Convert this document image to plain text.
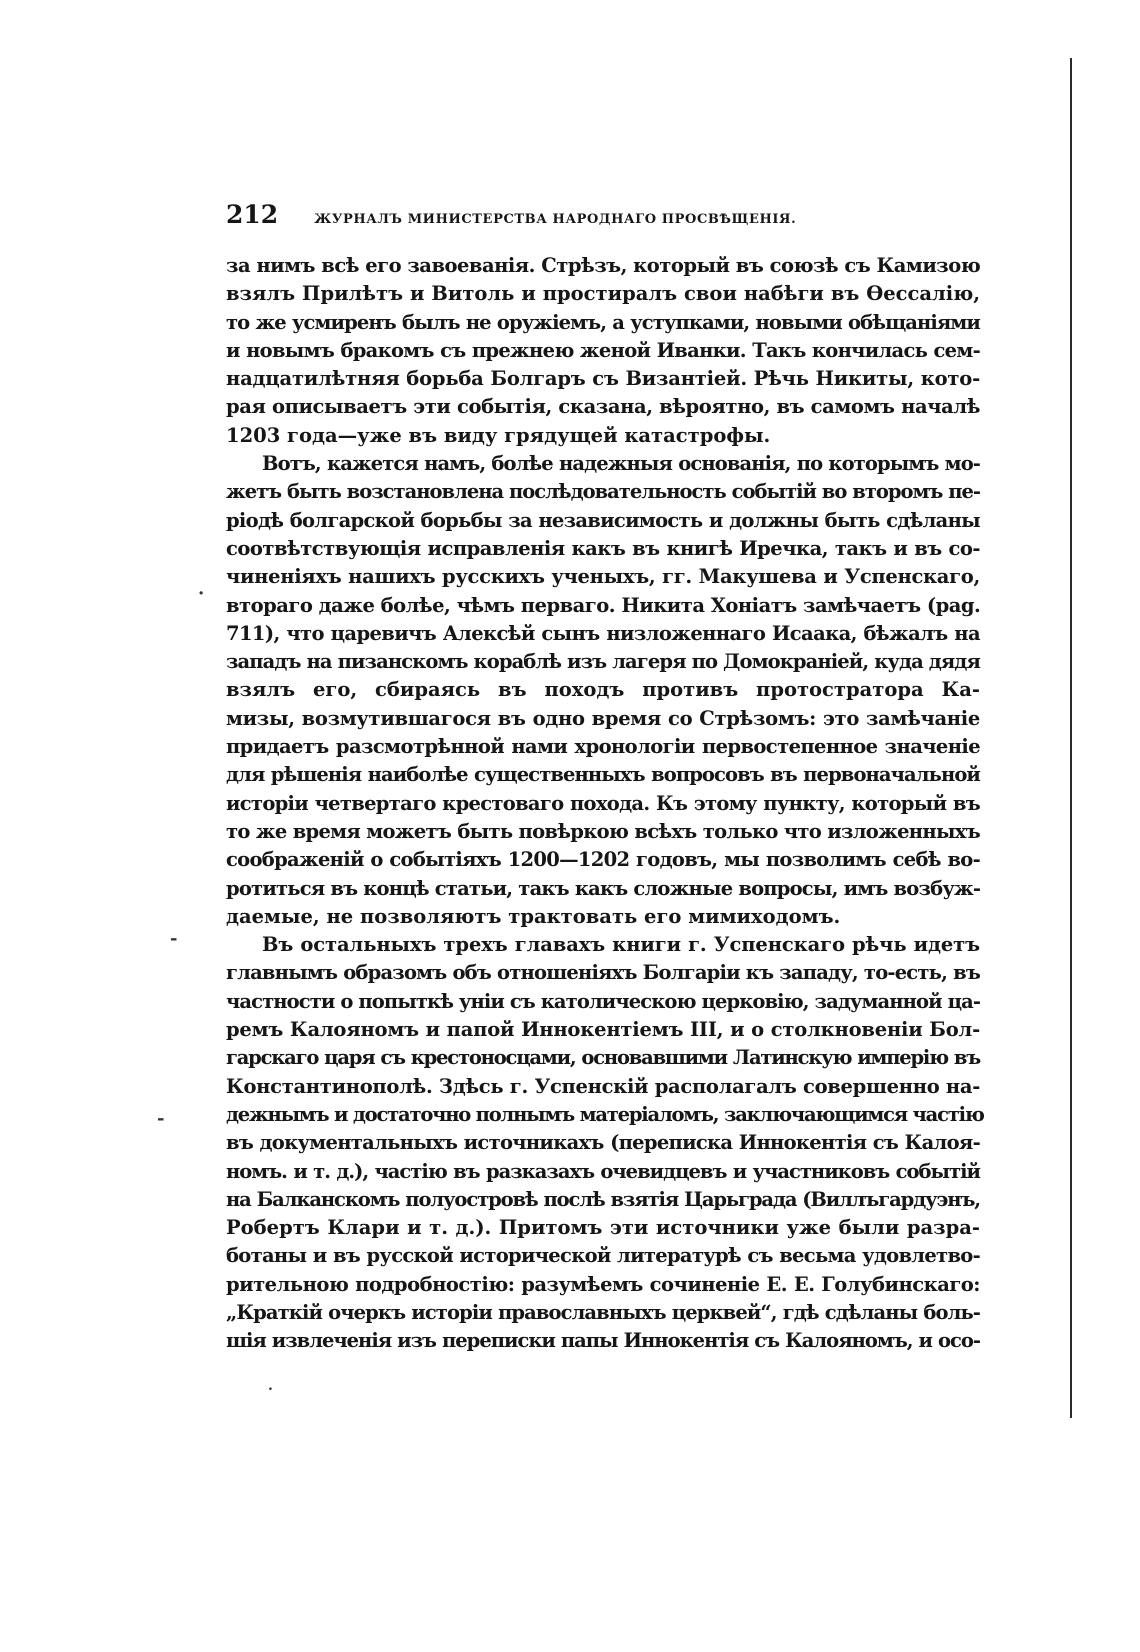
212	ЖУРНАЛЪ МИНИСТЕРСТВА НАРОДНАГО ПРОСВѢЩЕНІЯ.
·
-
-
.
за нимъ всѣ его завоеванія. Стрѣзъ, который въ союзѣ съ Камизою
взялъ Прилѣтъ и Витоль и простиралъ свои набѣги въ Ѳессалію,
то же усмиренъ былъ не оружіемъ, а уступками, новыми обѣщаніями
и новымъ бракомъ съ прежнею женой Иванки. Такъ кончилась сем-
надцатилѣтняя борьба Болгаръ съ Византіей. Рѣчь Никиты, кото-
рая описываетъ эти событія, сказана, вѣроятно, въ самомъ началѣ
1203 года—уже въ виду грядущей катастрофы.
Вотъ, кажется намъ, болѣе надежныя основанія, по которымъ мо-
жетъ быть возстановлена послѣдовательность событій во второмъ пе-
ріодѣ болгарской борьбы за независимость и должны быть сдѣланы
соотвѣтствующія исправленія какъ въ книгѣ Иречка, такъ и въ со-
чиненіяхъ нашихъ русскихъ ученыхъ, гг. Макушева и Успенскаго,
втораго даже болѣе, чѣмъ перваго. Никита Хоніатъ замѣчаетъ (pag.
711), что царевичъ Алексѣй сынъ низложеннаго Исаака, бѣжалъ на
западъ на пизанскомъ кораблѣ изъ лагеря по Домокраніей, куда дядя
взялъ его, сбираясь въ походъ противъ протостратора Ка-
мизы, возмутившагося въ одно время со Стрѣзомъ: это замѣчаніе
придаетъ разсмотрѣнной нами хронологіи первостепенное значеніе
для рѣшенія наиболѣе существенныхъ вопросовъ въ первоначальной
исторіи четвертаго крестоваго похода. Къ этому пункту, который въ
то же время можетъ быть повѣркою всѣхъ только что изложенныхъ
соображеній о событіяхъ 1200—1202 годовъ, мы позволимъ себѣ во-
ротиться въ концѣ статьи, такъ какъ сложные вопросы, имъ возбуж-
даемые, не позволяютъ трактовать его мимиходомъ.
Въ остальныхъ трехъ главахъ книги г. Успенскаго рѣчь идетъ
главнымъ образомъ объ отношеніяхъ Болгаріи къ западу, то-есть, въ
частности о попыткѣ уніи съ католическою церковію, задуманной ца-
ремъ Калояномъ и папой Иннокентіемъ III, и о столкновеніи Бол-
гарскаго царя съ крестоносцами, основавшими Латинскую имперію въ
Константинополѣ. Здѣсь г. Успенскій располагалъ совершенно на-
дежнымъ и достаточно полнымъ матеріаломъ, заключающимся частію
въ документальныхъ источникахъ (переписка Иннокентія съ Калоя-
номъ. и т. д.), частію въ разказахъ очевидцевъ и участниковъ событій
на Балканскомъ полуостровѣ послѣ взятія Царьграда (Виллъгардуэнъ,
Робертъ Клари и т. д.). Притомъ эти источники уже были разра-
ботаны и въ русской исторической литературѣ съ весьма удовлетво-
рительною подробностію: разумѣемъ сочиненіе Е. Е. Голубинскаго:
„Краткій очеркъ исторіи православныхъ церквей“, гдѣ сдѣланы боль-
шія извлеченія изъ переписки папы Иннокентія съ Калояномъ, и осо-
